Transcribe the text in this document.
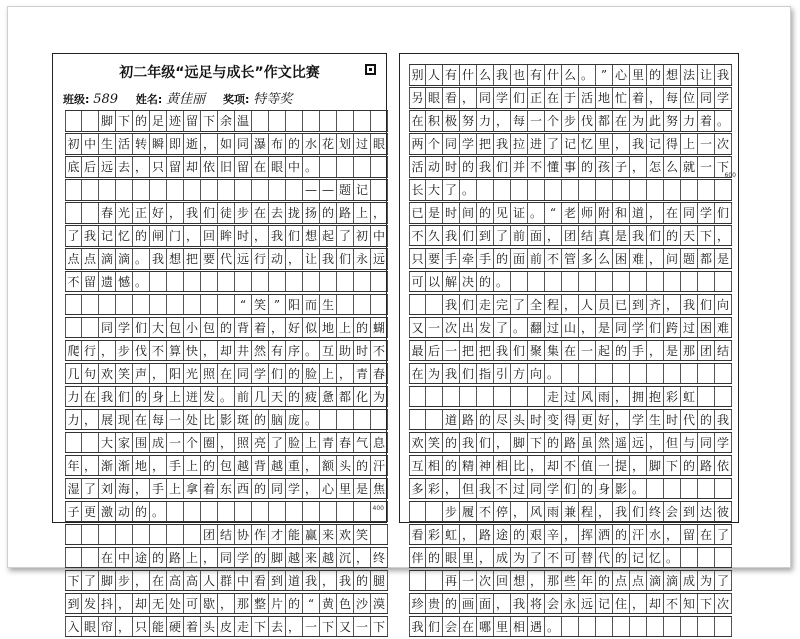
初二年级“远足与成长”作文比赛
班级: 589 姓名: 黄佳丽 奖项: 特等奖
脚 下 的 足 迹 留 下 余 温
初 中 生 活 转 瞬 即 逝 ， 如 同 瀑 布 的 水 花 划 过 眼
底 后 远 去 ， 只 留 却 依 旧 留 在 眼 中 。
— — 题 记
春 光 正 好 ， 我 们 徒 步 在 去 拢 扬 的 路 上 ，
了 我 记 忆 的 闸 门 ， 回 眸 时 ， 我 们 想 起 了 初 中
点 点 滴 滴 。 我 想 把 要 代 远 行 动 ， 让 我 们 永 远
不 留 遗 憾 。
“ 笑 ” 阳 而 生
同 学 们 大 包 小 包 的 背 着 ， 好 似 地 上 的 蝴
爬 行 ， 步 伐 不 算 快 ， 却 井 然 有 序 。 互 助 时 不
几 句 欢 笑 声 ， 阳 光 照 在 同 学 们 的 脸 上 ， 青 春
力 在 我 们 的 身 上 迸 发 。 前 几 天 的 疲 惫 都 化 为
力 ， 展 现 在 每 一 处 比 影 斑 的 脑 庞 。
大 家 围 成 一 个 圈 ， 照 亮 了 脸 上 青 春 气 息
年 ， 渐 渐 地 ， 手 上 的 包 越 背 越 重 ， 额 头 的 汗
湿 了 刘 海 ， 手 上 拿 着 东 西 的 同 学 ， 心 里 是 焦
子 更 激 动 的 。
团 结 协 作 才 能 赢 来 欢 笑
在 中 途 的 路 上 ， 同 学 的 脚 越 来 越 沉 ， 终
下 了 脚 步 ， 在 高 高 人 群 中 看 到 道 我 ， 我 的 腿
到 发 抖 ， 却 无 处 可 歇 ， 那 整 片 的 “ 黄 色 沙 漠
入 眼 帘 ， 只 能 硬 着 头 皮 走 下 去 ， 一 下 又 一 下
400
别 人 有 什 么 我 也 有 什 么 。 ” 心 里 的 想 法 让 我
另 眼 看 ， 同 学 们 正 在 于 活 地 忙 着 ， 每 位 同 学
在 积 极 努 力 ， 每 一 个 步 伐 都 在 为 此 努 力 着 。
两 个 同 学 把 我 拉 进 了 记 忆 里 ， 我 记 得 上 一 次
活 动 时 的 我 们 并 不 懂 事 的 孩 子 ， 怎 么 就 一 下
长 大 了 。
已 是 时 间 的 见 证 。 “ 老 师 附 和 道 ， 在 同 学 们
不 久 我 们 到 了 前 面 ， 团 结 真 是 我 们 的 天 下 ，
只 要 手 牵 手 的 面 前 不 管 多 么 困 难 ， 问 题 都 是
可 以 解 决 的 。
我 们 走 完 了 全 程 ， 人 员 已 到 齐 ， 我 们 向
又 一 次 出 发 了 。 翻 过 山 ， 是 同 学 们 跨 过 困 难
最 后 一 把 把 我 们 聚 集 在 一 起 的 手 ， 是 那 团 结
在 为 我 们 指 引 方 向 。
走 过 风 雨 ， 拥 抱 彩 虹
道 路 的 尽 头 时 变 得 更 好 ， 学 生 时 代 的 我
欢 笑 的 我 们 ， 脚 下 的 路 虽 然 遥 远 ， 但 与 同 学
互 相 的 精 神 相 比 ， 却 不 值 一 提 ， 脚 下 的 路 依
多 彩 ， 但 我 不 过 同 学 们 的 身 影 。
步 履 不 停 ， 风 雨 兼 程 ， 我 们 终 会 到 达 彼
看 彩 虹 ， 路 途 的 艰 辛 ， 挥 洒 的 汗 水 ， 留 在 了
伴 的 眼 里 ， 成 为 了 不 可 替 代 的 记 忆 。
再 一 次 回 想 ， 那 些 年 的 点 点 滴 滴 成 为 了
珍 贵 的 画 面 ， 我 将 会 永 远 记 住 ， 却 不 知 下 次
我 们 会 在 哪 里 相 遇 。
600
